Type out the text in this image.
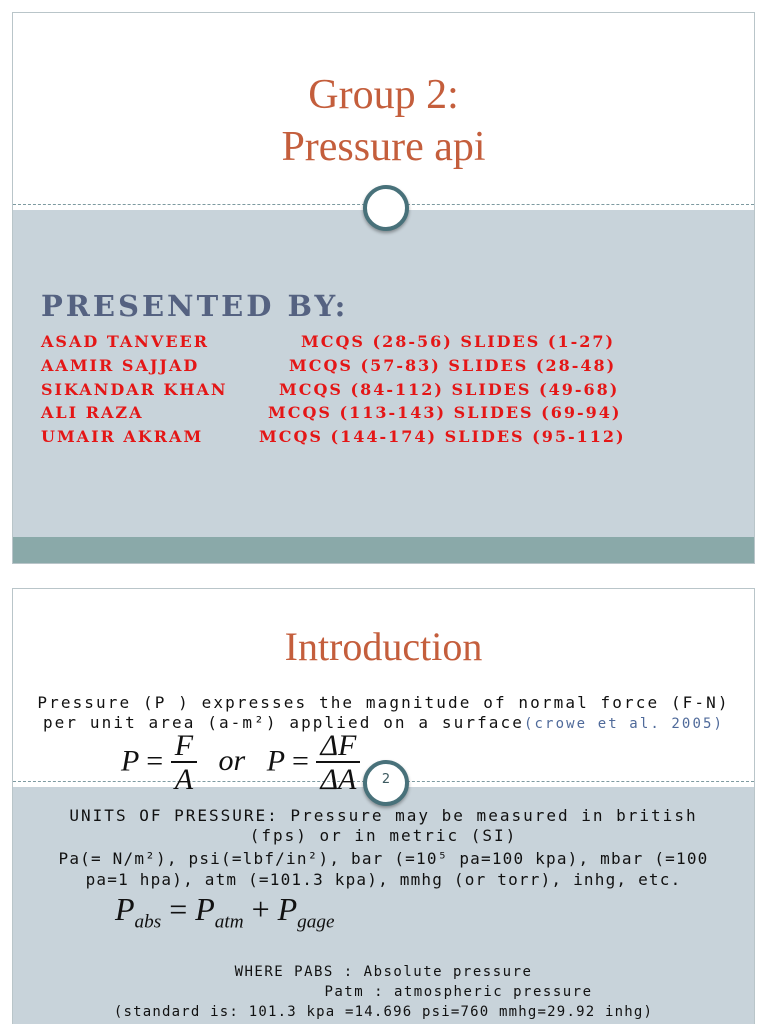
Group 2:
Pressure api
PRESENTED BY:
ASAD TANVEER	MCQS (28-56) SLIDES (1-27)
AAMIR SAJJAD	MCQS (57-83) SLIDES (28-48)
SIKANDAR KHAN	MCQS (84-112) SLIDES (49-68)
ALI RAZA	MCQS (113-143) SLIDES (69-94)
UMAIR AKRAM	MCQS (144-174) SLIDES (95-112)
Introduction
Pressure (P ) expresses the magnitude of normal force (F-N)
per unit area (a-m²) applied on a surface(crowe et al. 2005)
$P = \frac{F}{A}$ or $P = \frac{\Delta F}{\Delta A}$	2
UNITS OF PRESSURE: Pressure may be measured in british
(fps) or in metric (SI)
Pa(= N/m²), psi(=lbf/in²), bar (=10⁵ pa=100 kpa), mbar (=100
pa=1 hpa), atm (=101.3 kpa), mmhg (or torr), inhg, etc.
$P_{abs} = P_{atm} + P_{gage}$
WHERE PABS : Absolute pressure
Patm : atmospheric pressure
(standard is: 101.3 kpa =14.696 psi=760 mmhg=29.92 inhg)
